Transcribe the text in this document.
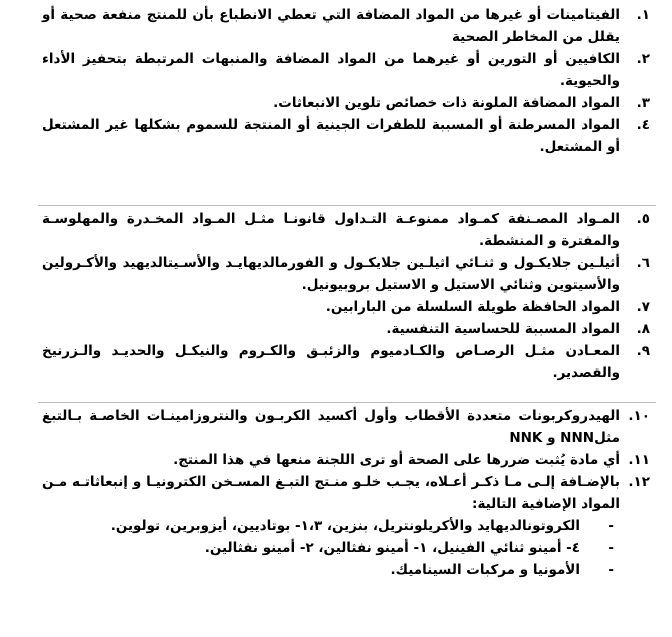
١.
الفيتامينات أو غيرها من المواد المضافة التي تعطي الانطباع بأن للمنتج منفعة صحية أو يقلل من المخاطر الصحية
٢.
الكافيين أو التورين أو غيرهما من المواد المضافة والمنبهات المرتبطة بتحفيز الأداء والحيوية.
٣.
المواد المضافة الملونة ذات خصائص تلوين الانبعاثات.
٤.
المواد المسرطنة أو المسببة للطفرات الجينية أو المنتجة للسموم بشكلها غير المشتعل أو المشتعل.
٥.
المـواد المصـنفة كمـواد ممنوعـة التـداول قانونـا مثـل المـواد المخـدرة والمهلوسـة والمفترة و المنشطة.
٦.
أثيلـين جلايكـول و ثنـائي اثيلـين جلايكـول و الفورمالديهايـد والأسـيتالديهيد والأكـرولين والأسيتوين وثنائي الاستيل و الاستيل بروبيونيل.
٧.
المواد الحافظة طويلة السلسلة من البارابين.
٨.
المواد المسببة للحساسية التنفسية.
٩.
المعـادن مثـل الرصـاص والكـادميوم والزئبـق والكـروم والنيكـل والحديـد والـزرنيخ والقصدير.
١٠.
الهيدروكربونات متعددة الأقطاب وأول أكسيد الكربـون والنتروزامينـات الخاصـة بـالتبغ مثلNNN و NNK
١١.
أي مادة يُثبت ضررها على الصحة أو ترى اللجنة منعها في هذا المنتج.
١٢.
بالإضـافة إلـى مـا ذكـر أعـلاه، يجـب خلـو منـتج التبـغ المسـخن الكترونيـا و إنبعاثاتـه مـن المواد الإضافية التالية:
-
الكروتونالديهايد والأكريلونتريل، بنزين، ١،٣- بوتاديين، أيزوبرين، تولوين.
-
٤- أمينو ثنائي الفينيل، ١- أمينو نفثالين، ٢- أمينو نفثالين.
-
الأمونيا و مركبات السيناميك.
